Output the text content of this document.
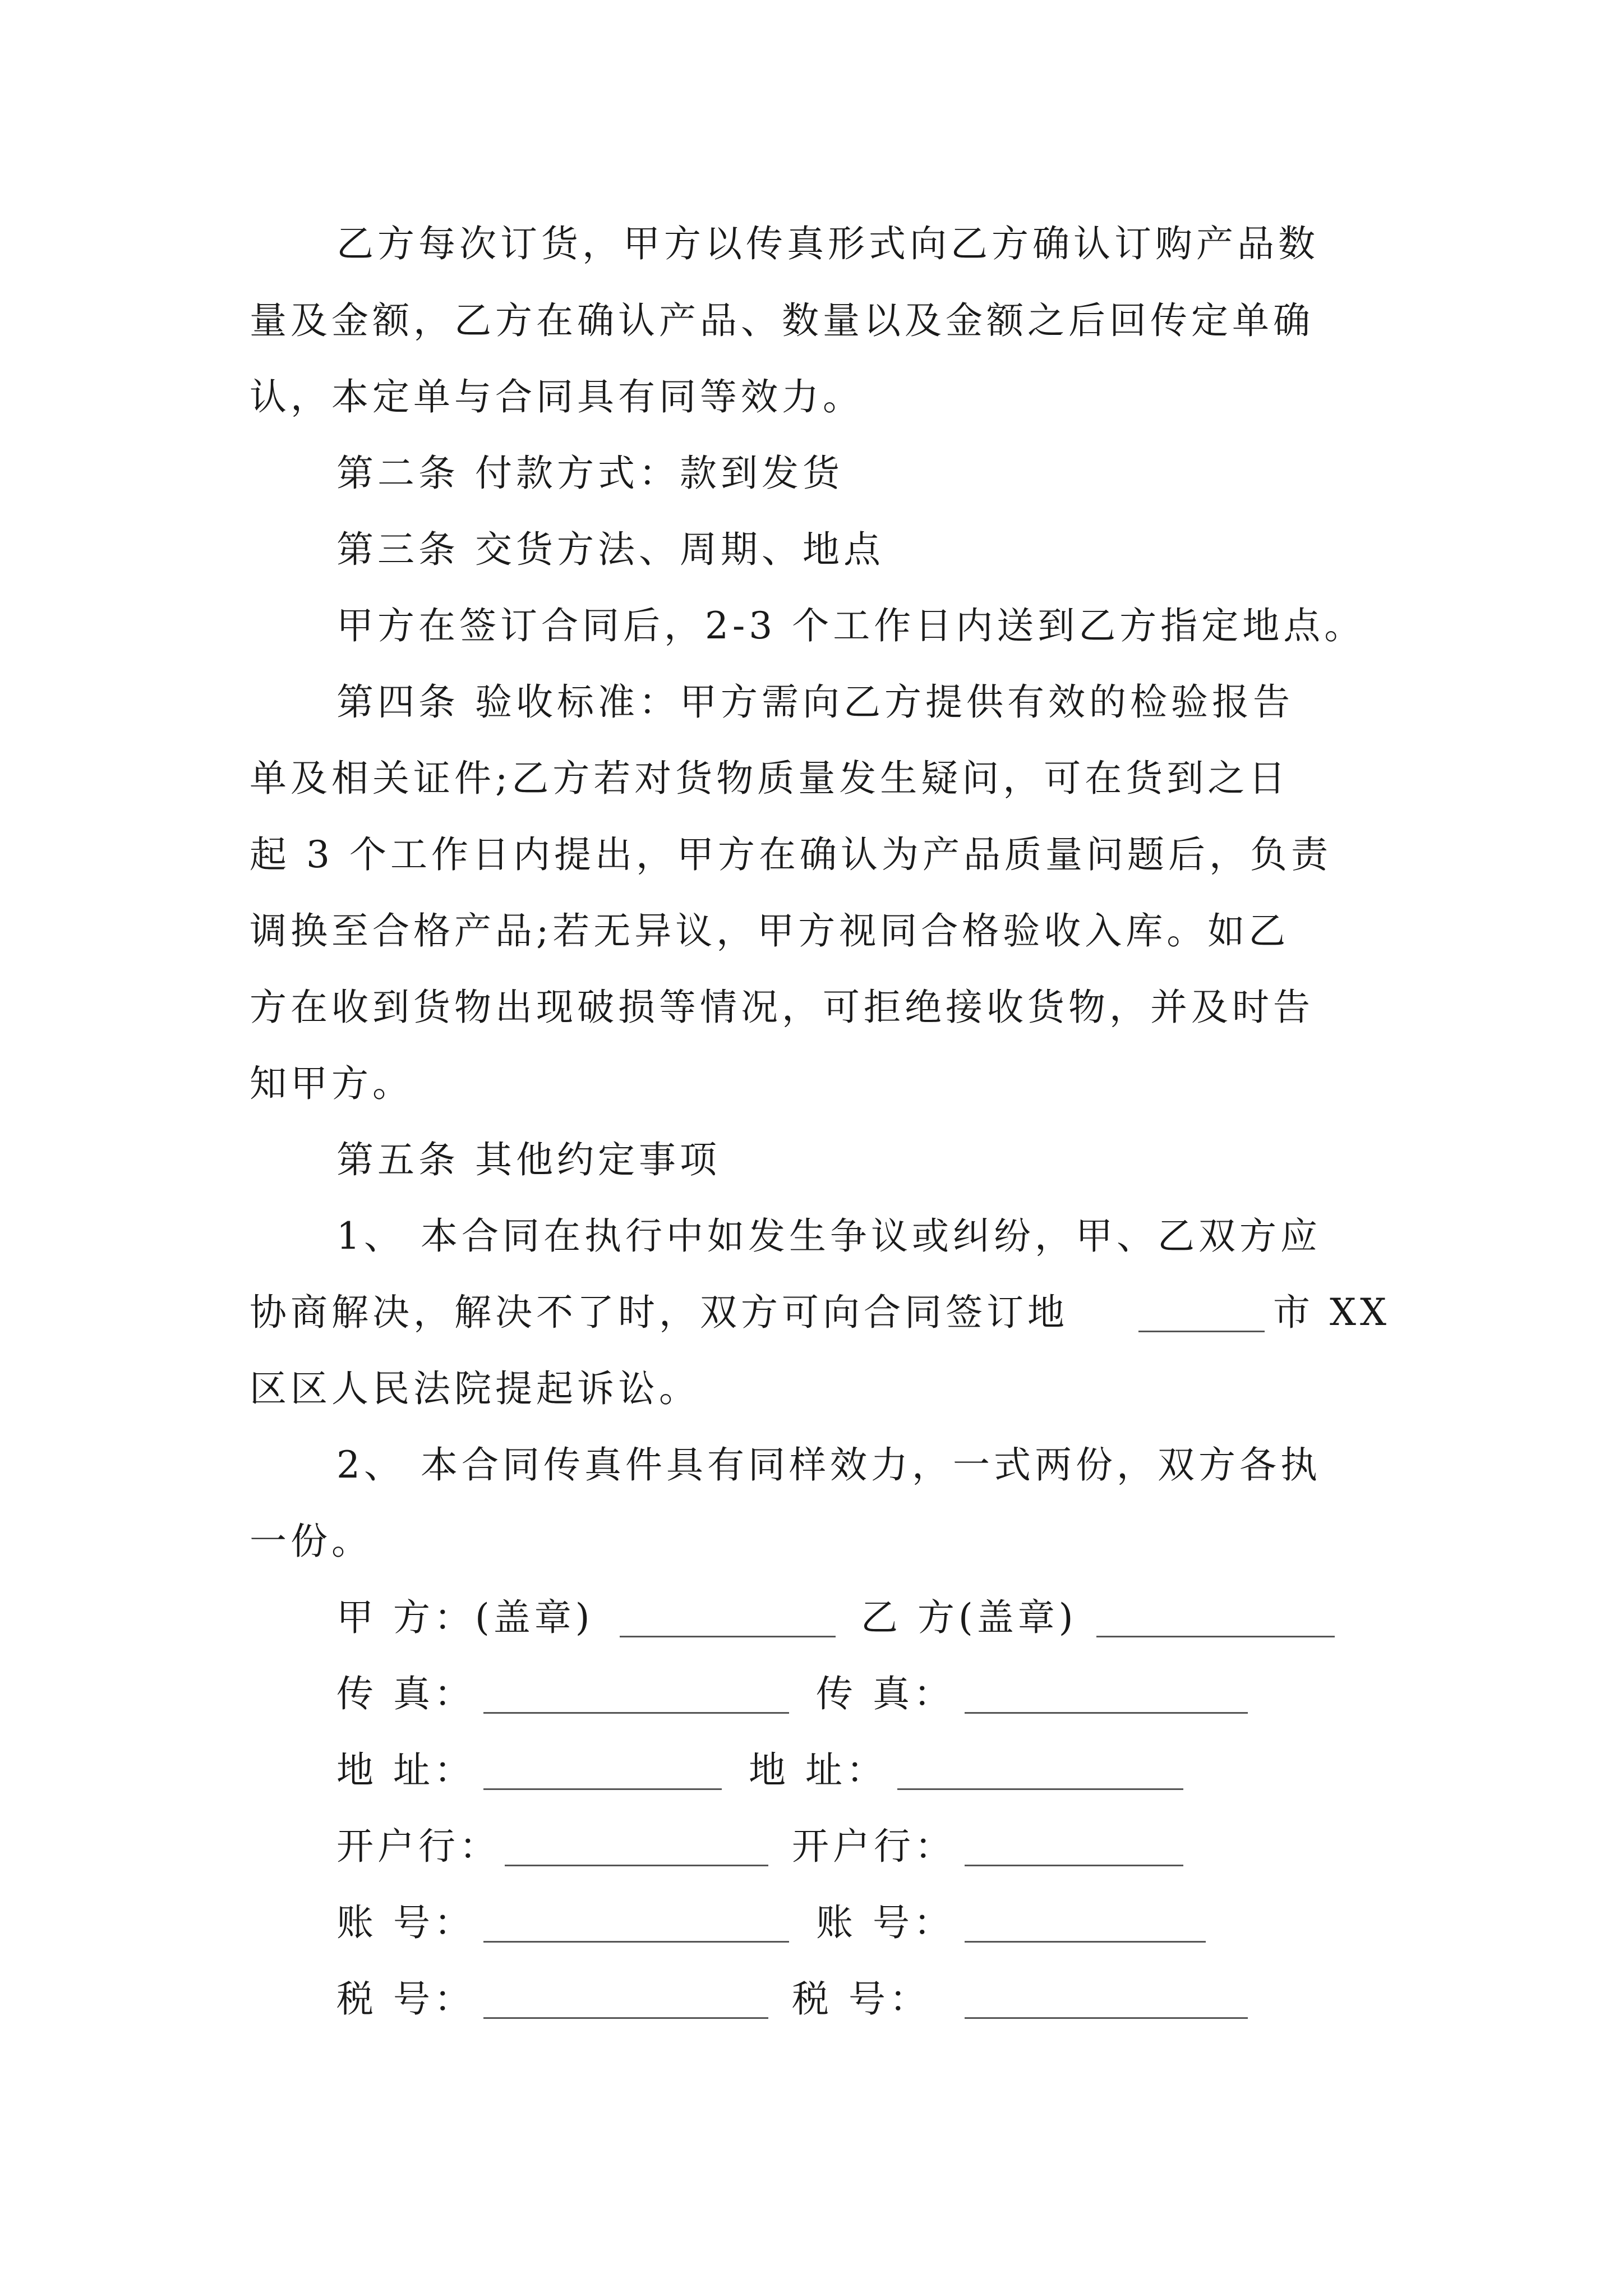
乙方每次订货，甲方以传真形式向乙方确认订购产品数
量及金额，乙方在确认产品、数量以及金额之后回传定单确
认，本定单与合同具有同等效力。
第二条 付款方式：款到发货
第三条 交货方法、周期、地点
甲方在签订合同后，2-3 个工作日内送到乙方指定地点。
第四条 验收标准：甲方需向乙方提供有效的检验报告
单及相关证件;乙方若对货物质量发生疑问，可在货到之日
起 3 个工作日内提出，甲方在确认为产品质量问题后，负责
调换至合格产品;若无异议，甲方视同合格验收入库。如乙
方在收到货物出现破损等情况，可拒绝接收货物，并及时告
知甲方。
第五条 其他约定事项
1、 本合同在执行中如发生争议或纠纷，甲、乙双方应
协商解决，解决不了时，双方可向合同签订地	市 XX
区区人民法院提起诉讼。
2、 本合同传真件具有同样效力，一式两份，双方各执
一份。
甲 方：(盖章)	乙 方(盖章)
传 真：	传 真：
地 址：	地 址：
开户行：	开户行：
账 号：	账 号：
税 号：	税 号：
